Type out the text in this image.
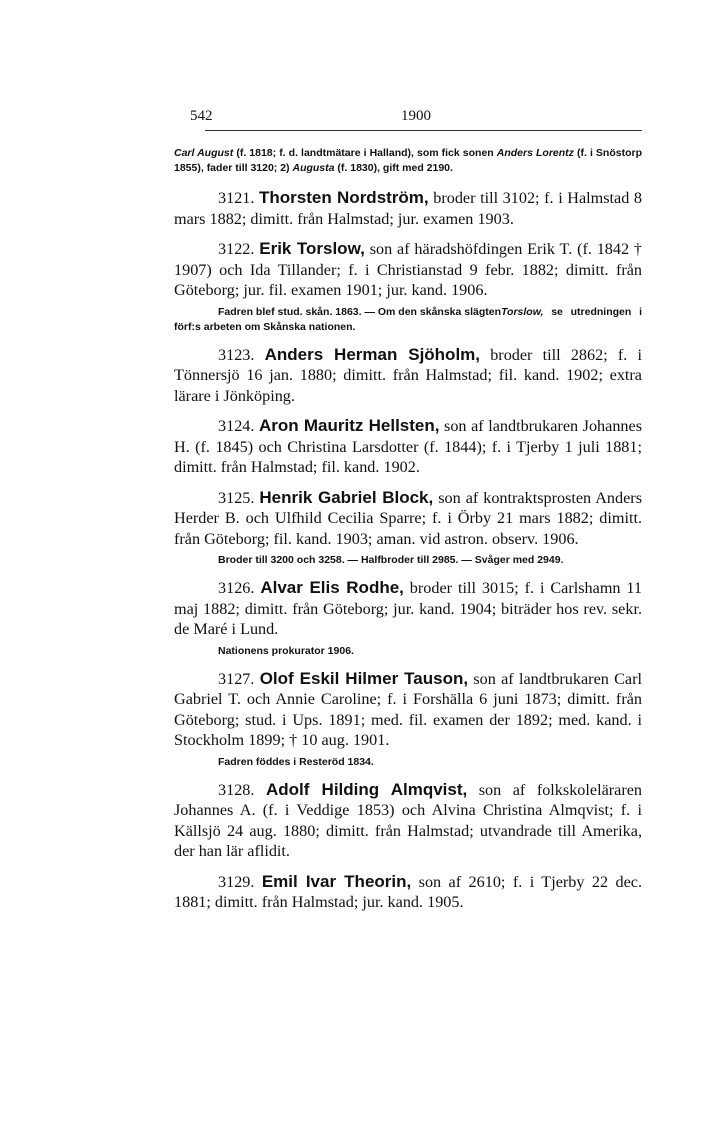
542	1900

Carl August (f. 1818; f. d. landtmätare i Halland), som fick sonen Anders Lorentz (f. i Snöstorp 1855), fader till 3120; 2) Augusta (f. 1830), gift med 2190.

3121. Thorsten Nordström, broder till 3102; f. i Halmstad 8 mars 1882; dimitt. från Halmstad; jur. examen 1903.

3122. Erik Torslow, son af häradshöfdingen Erik T. (f. 1842 † 1907) och Ida Tillander; f. i Christianstad 9 febr. 1882; dimitt. från Göteborg; jur. fil. examen 1901; jur. kand. 1906.

Fadren blef stud. skån. 1863. — Om den skånska slägtenTorslow, se utredningen i förf:s arbeten om Skånska nationen.

3123. Anders Herman Sjöholm, broder till 2862; f. i Tönnersjö 16 jan. 1880; dimitt. från Halmstad; fil. kand. 1902; extra lärare i Jönköping.

3124. Aron Mauritz Hellsten, son af landtbrukaren Johannes H. (f. 1845) och Christina Larsdotter (f. 1844); f. i Tjerby 1 juli 1881; dimitt. från Halmstad; fil. kand. 1902.

3125. Henrik Gabriel Block, son af kontraktsprosten Anders Herder B. och Ulfhild Cecilia Sparre; f. i Örby 21 mars 1882; dimitt. från Göteborg; fil. kand. 1903; aman. vid astron. observ. 1906.

Broder till 3200 och 3258. — Halfbroder till 2985. — Svåger med 2949.

3126. Alvar Elis Rodhe, broder till 3015; f. i Carlshamn 11 maj 1882; dimitt. från Göteborg; jur. kand. 1904; biträder hos rev. sekr. de Maré i Lund.

Nationens prokurator 1906.

3127. Olof Eskil Hilmer Tauson, son af landtbrukaren Carl Gabriel T. och Annie Caroline; f. i Forshälla 6 juni 1873; dimitt. från Göteborg; stud. i Ups. 1891; med. fil. examen der 1892; med. kand. i Stockholm 1899; † 10 aug. 1901.

Fadren föddes i Resteröd 1834.

3128. Adolf Hilding Almqvist, son af folkskoleläraren Johannes A. (f. i Veddige 1853) och Alvina Christina Almqvist; f. i Källsjö 24 aug. 1880; dimitt. från Halmstad; utvandrade till Amerika, der han lär aflidit.

3129. Emil Ivar Theorin, son af 2610; f. i Tjerby 22 dec. 1881; dimitt. från Halmstad; jur. kand. 1905.
